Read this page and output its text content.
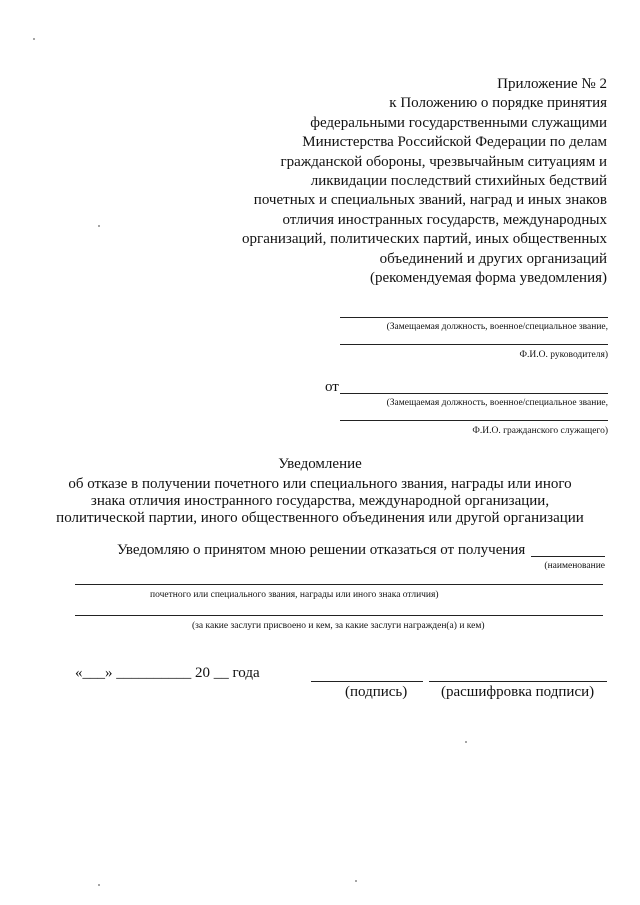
Приложение № 2
к Положению о порядке принятия
федеральными государственными служащими
Министерства Российской Федерации по делам
гражданской обороны, чрезвычайным ситуациям и
ликвидации последствий стихийных бедствий
почетных и специальных званий, наград и иных знаков
отличия иностранных государств, международных
организаций, политических партий, иных общественных
объединений и других организаций
(рекомендуемая форма уведомления)
(Замещаемая должность, военное/специальное звание,
Ф.И.О. руководителя)
от
(Замещаемая должность, военное/специальное звание,
Ф.И.О. гражданского служащего)
Уведомление
об отказе в получении почетного или специального звания, награды или иного
знака отличия иностранного государства, международной организации,
политической партии, иного общественного объединения или другой организации
Уведомляю о принятом мною решении отказаться от получения
(наименование
почетного или специального звания, награды или иного знака отличия)
(за какие заслуги присвоено и кем, за какие заслуги награжден(а) и кем)
«___» __________ 20 __ года
(подпись) (расшифровка подписи)
